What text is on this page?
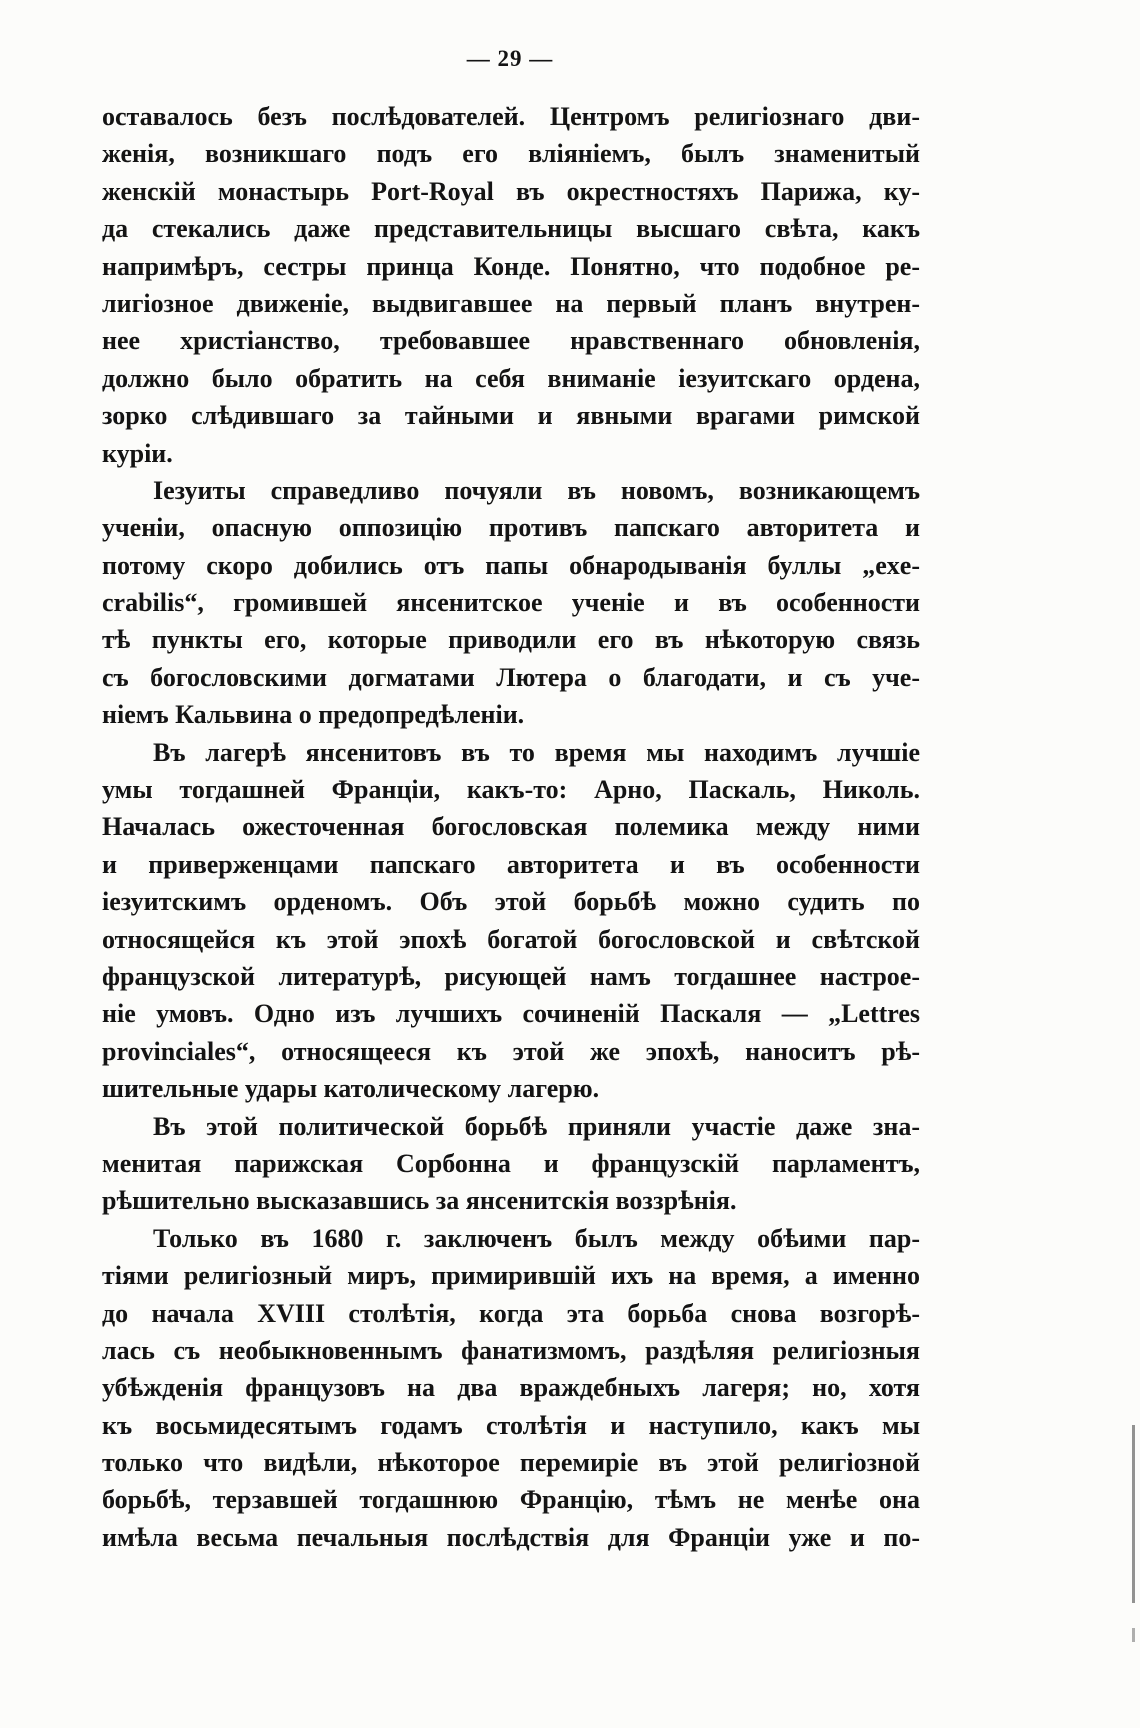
— 29 —
оставалось безъ послѣдователей. Центромъ религіознаго дви-
женія, возникшаго подъ его вліяніемъ, былъ знаменитый
женскій монастырь Port-Royal въ окрестностяхъ Парижа, ку-
да стекались даже представительницы высшаго свѣта, какъ
напримѣръ, сестры принца Конде. Понятно, что подобное ре-
лигіозное движеніе, выдвигавшее на первый планъ внутрен-
нее христіанство, требовавшее нравственнаго обновленія,
должно было обратить на себя вниманіе іезуитскаго ордена,
зорко слѣдившаго за тайными и явными врагами римской
куріи.
Іезуиты справедливо почуяли въ новомъ, возникающемъ
ученіи, опасную оппозицію противъ папскаго авторитета и
потому скоро добились отъ папы обнародыванія буллы „exe-
crabilis“, громившей янсенитское ученіе и въ особенности
тѣ пункты его, которые приводили его въ нѣкоторую связь
съ богословскими догматами Лютера о благодати, и съ уче-
ніемъ Кальвина о предопредѣленіи.
Въ лагерѣ янсенитовъ въ то время мы находимъ лучшіе
умы тогдашней Франціи, какъ-то: Арно, Паскаль, Николь.
Началась ожесточенная богословская полемика между ними
и приверженцами папскаго авторитета и въ особенности
іезуитскимъ орденомъ. Объ этой борьбѣ можно судить по
относящейся къ этой эпохѣ богатой богословской и свѣтской
французской литературѣ, рисующей намъ тогдашнее настрое-
ніе умовъ. Одно изъ лучшихъ сочиненій Паскаля — „Lettres
provinciales“, относящееся къ этой же эпохѣ, наноситъ рѣ-
шительные удары католическому лагерю.
Въ этой политической борьбѣ приняли участіе даже зна-
менитая парижская Сорбонна и французскій парламентъ,
рѣшительно высказавшись за янсенитскія воззрѣнія.
Только въ 1680 г. заключенъ былъ между обѣими пар-
тіями религіозный миръ, примирившій ихъ на время, а именно
до начала XVIII столѣтія, когда эта борьба снова возгорѣ-
лась съ необыкновеннымъ фанатизмомъ, раздѣляя религіозныя
убѣжденія французовъ на два враждебныхъ лагеря; но, хотя
къ восьмидесятымъ годамъ столѣтія и наступило, какъ мы
только что видѣли, нѣкоторое перемиріе въ этой религіозной
борьбѣ, терзавшей тогдашнюю Францію, тѣмъ не менѣе она
имѣла весьма печальныя послѣдствія для Франціи уже и по-
